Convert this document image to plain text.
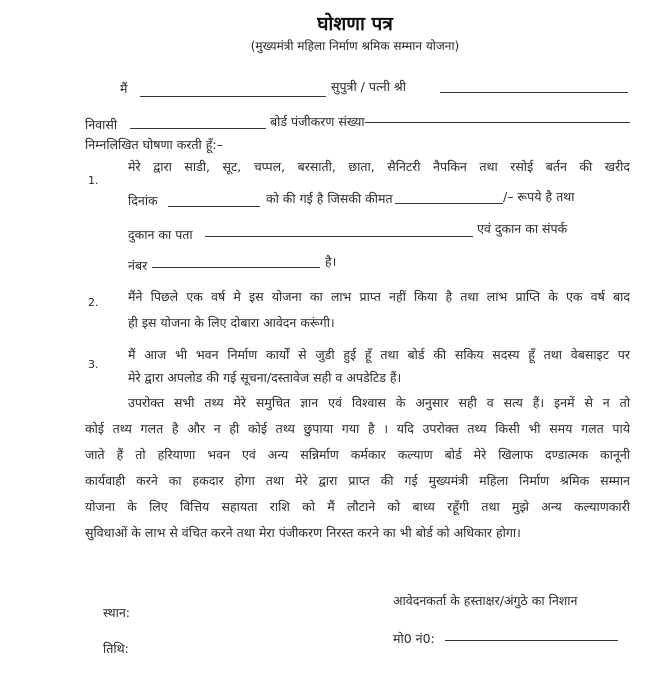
घोशणा पत्र
(मुख्यमंत्री महिला निर्माण श्रमिक सम्मान योजना)
मैं	सुपुत्री / पत्नी श्री
निवासी	बोर्ड पंजीकरण संख्या
निम्नलिखित घोषणा करती हूँ:–
1.
मेरे द्वारा साडी, सूट, चप्पल, बरसाती, छाता, सैनिटरी नैपकिन तथा रसोई बर्तन की खरीद
दिनांक	को की गई है जिसकी कीमत	/– रूपये है तथा
दुकान का पता	एवं दुकान का संपर्क
नंबर	है।
2. मैंने पिछले एक वर्ष मे इस योजना का लाभ प्राप्त नहीं किया है तथा लाभ प्राप्ति के एक वर्ष बाद
ही इस योजना के लिए दोबारा आवेदन करूंगी।
3.
मैं आज भी भवन निर्माण कार्यों से जुडी हुई हूँ तथा बोर्ड की सकिय सदस्य हूँ तथा वेबसाइट पर
मेरे द्वारा अपलोड की गई सूचना/दस्तावेज सही व अपडेटिड हैं।
उपरोक्त सभी तथ्य मेरे समुचित ज्ञान एवं विश्वास के अनुसार सही व सत्य हैं। इनमें से न तो
कोई तथ्य गलत है और न ही कोई तथ्य छुपाया गया है । यदि उपरोक्त तथ्य किसी भी समय गलत पाये
जाते हैं तो हरियाणा भवन एवं अन्य सन्निर्माण कर्मकार कल्याण बोर्ड मेरे खिलाफ दण्डात्मक कानूनी
कार्यवाही करने का हकदार होगा तथा मेरे द्वारा प्राप्त की गई मुख्यमंत्री महिला निर्माण श्रमिक सम्मान
योजना के लिए वित्तिय सहायता राशि को मैं लौटाने को बाध्य रहूँगी तथा मुझे अन्य कल्याणकारी
सुविधाओं के लाभ से वंचित करने तथा मेरा पंजीकरण निरस्त करने का भी बोर्ड को अधिकार होगा।
आवेदनकर्ता के हस्ताक्षर/अंगुठे का निशान
स्थान:
मो0 नं0:
तिथि:
